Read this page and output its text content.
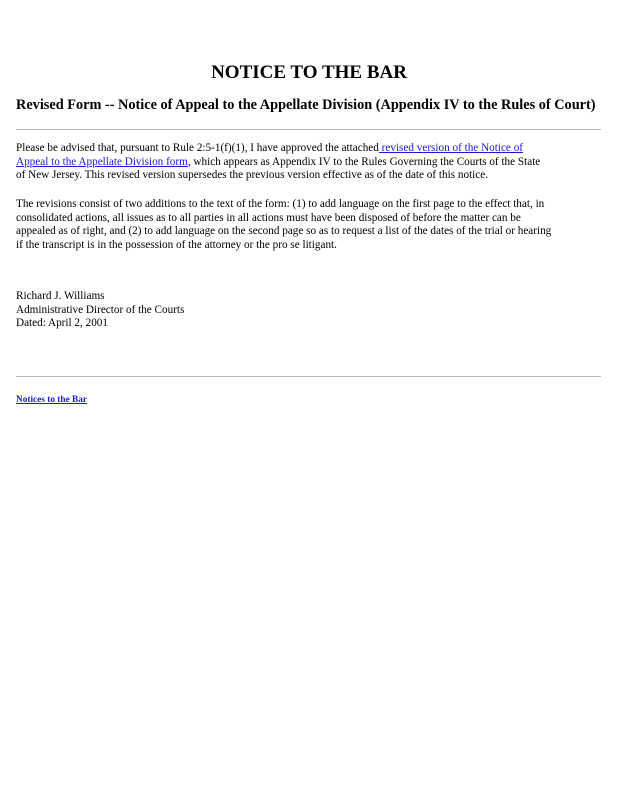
NOTICE TO THE BAR
Revised Form -- Notice of Appeal to the Appellate Division (Appendix IV to the Rules of Court)

Please be advised that, pursuant to Rule 2:5-1(f)(1), I have approved the attached revised version of the Notice of
Appeal to the Appellate Division form, which appears as Appendix IV to the Rules Governing the Courts of the State
of New Jersey. This revised version supersedes the previous version effective as of the date of this notice.

The revisions consist of two additions to the text of the form: (1) to add language on the first page to the effect that, in
consolidated actions, all issues as to all parties in all actions must have been disposed of before the matter can be
appealed as of right, and (2) to add language on the second page so as to request a list of the dates of the trial or hearing
if the transcript is in the possession of the attorney or the pro se litigant.

Richard J. Williams
Administrative Director of the Courts
Dated: April 2, 2001
Notices to the Bar
